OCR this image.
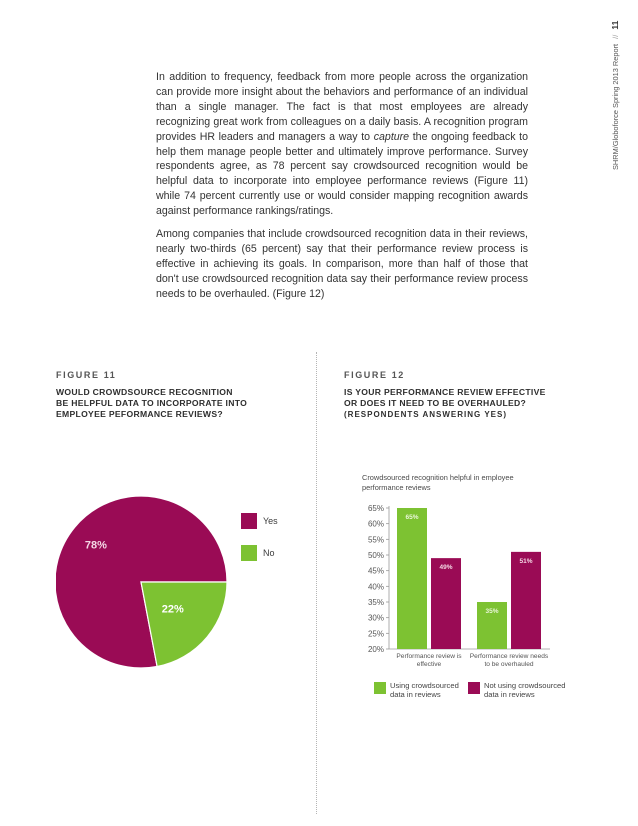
SHRM/Globoforce Spring 2013 Report // 11

In addition to frequency, feedback from more people across the organization can provide more insight about the behaviors and performance of an individual than a single manager. The fact is that most employees are already recognizing great work from colleagues on a daily basis. A recognition program provides HR leaders and managers a way to capture the ongoing feedback to help them manage people better and ultimately improve performance. Survey respondents agree, as 78 percent say crowdsourced recognition would be helpful data to incorporate into employee performance reviews (Figure 11) while 74 percent currently use or would consider mapping recognition awards against performance rankings/ratings.

Among companies that include crowdsourced recognition data in their reviews, nearly two-thirds (65 percent) say that their performance review process is effective in achieving its goals. In comparison, more than half of those that don't use crowdsourced recognition data say their performance review process needs to be overhauled. (Figure 12)

FIGURE 11
WOULD CROWDSOURCE RECOGNITION
BE HELPFUL DATA TO INCORPORATE INTO
EMPLOYEE PEFORMANCE REVIEWS?
78%
22%
Yes
No
FIGURE 12
IS YOUR PERFORMANCE REVIEW EFFECTIVE
OR DOES IT NEED TO BE OVERHAULED?
(RESPONDENTS ANSWERING YES)
Crowdsourced recognition helpful in employee performance reviews
20%
25%
30%
35%
40%
45%
50%
55%
60%
65%
65%
49%
Performance review is effective
35%
51%
Performance review needs to be overhauled
Using crowdsourced data in reviews
Not using crowdsourced data in reviews
